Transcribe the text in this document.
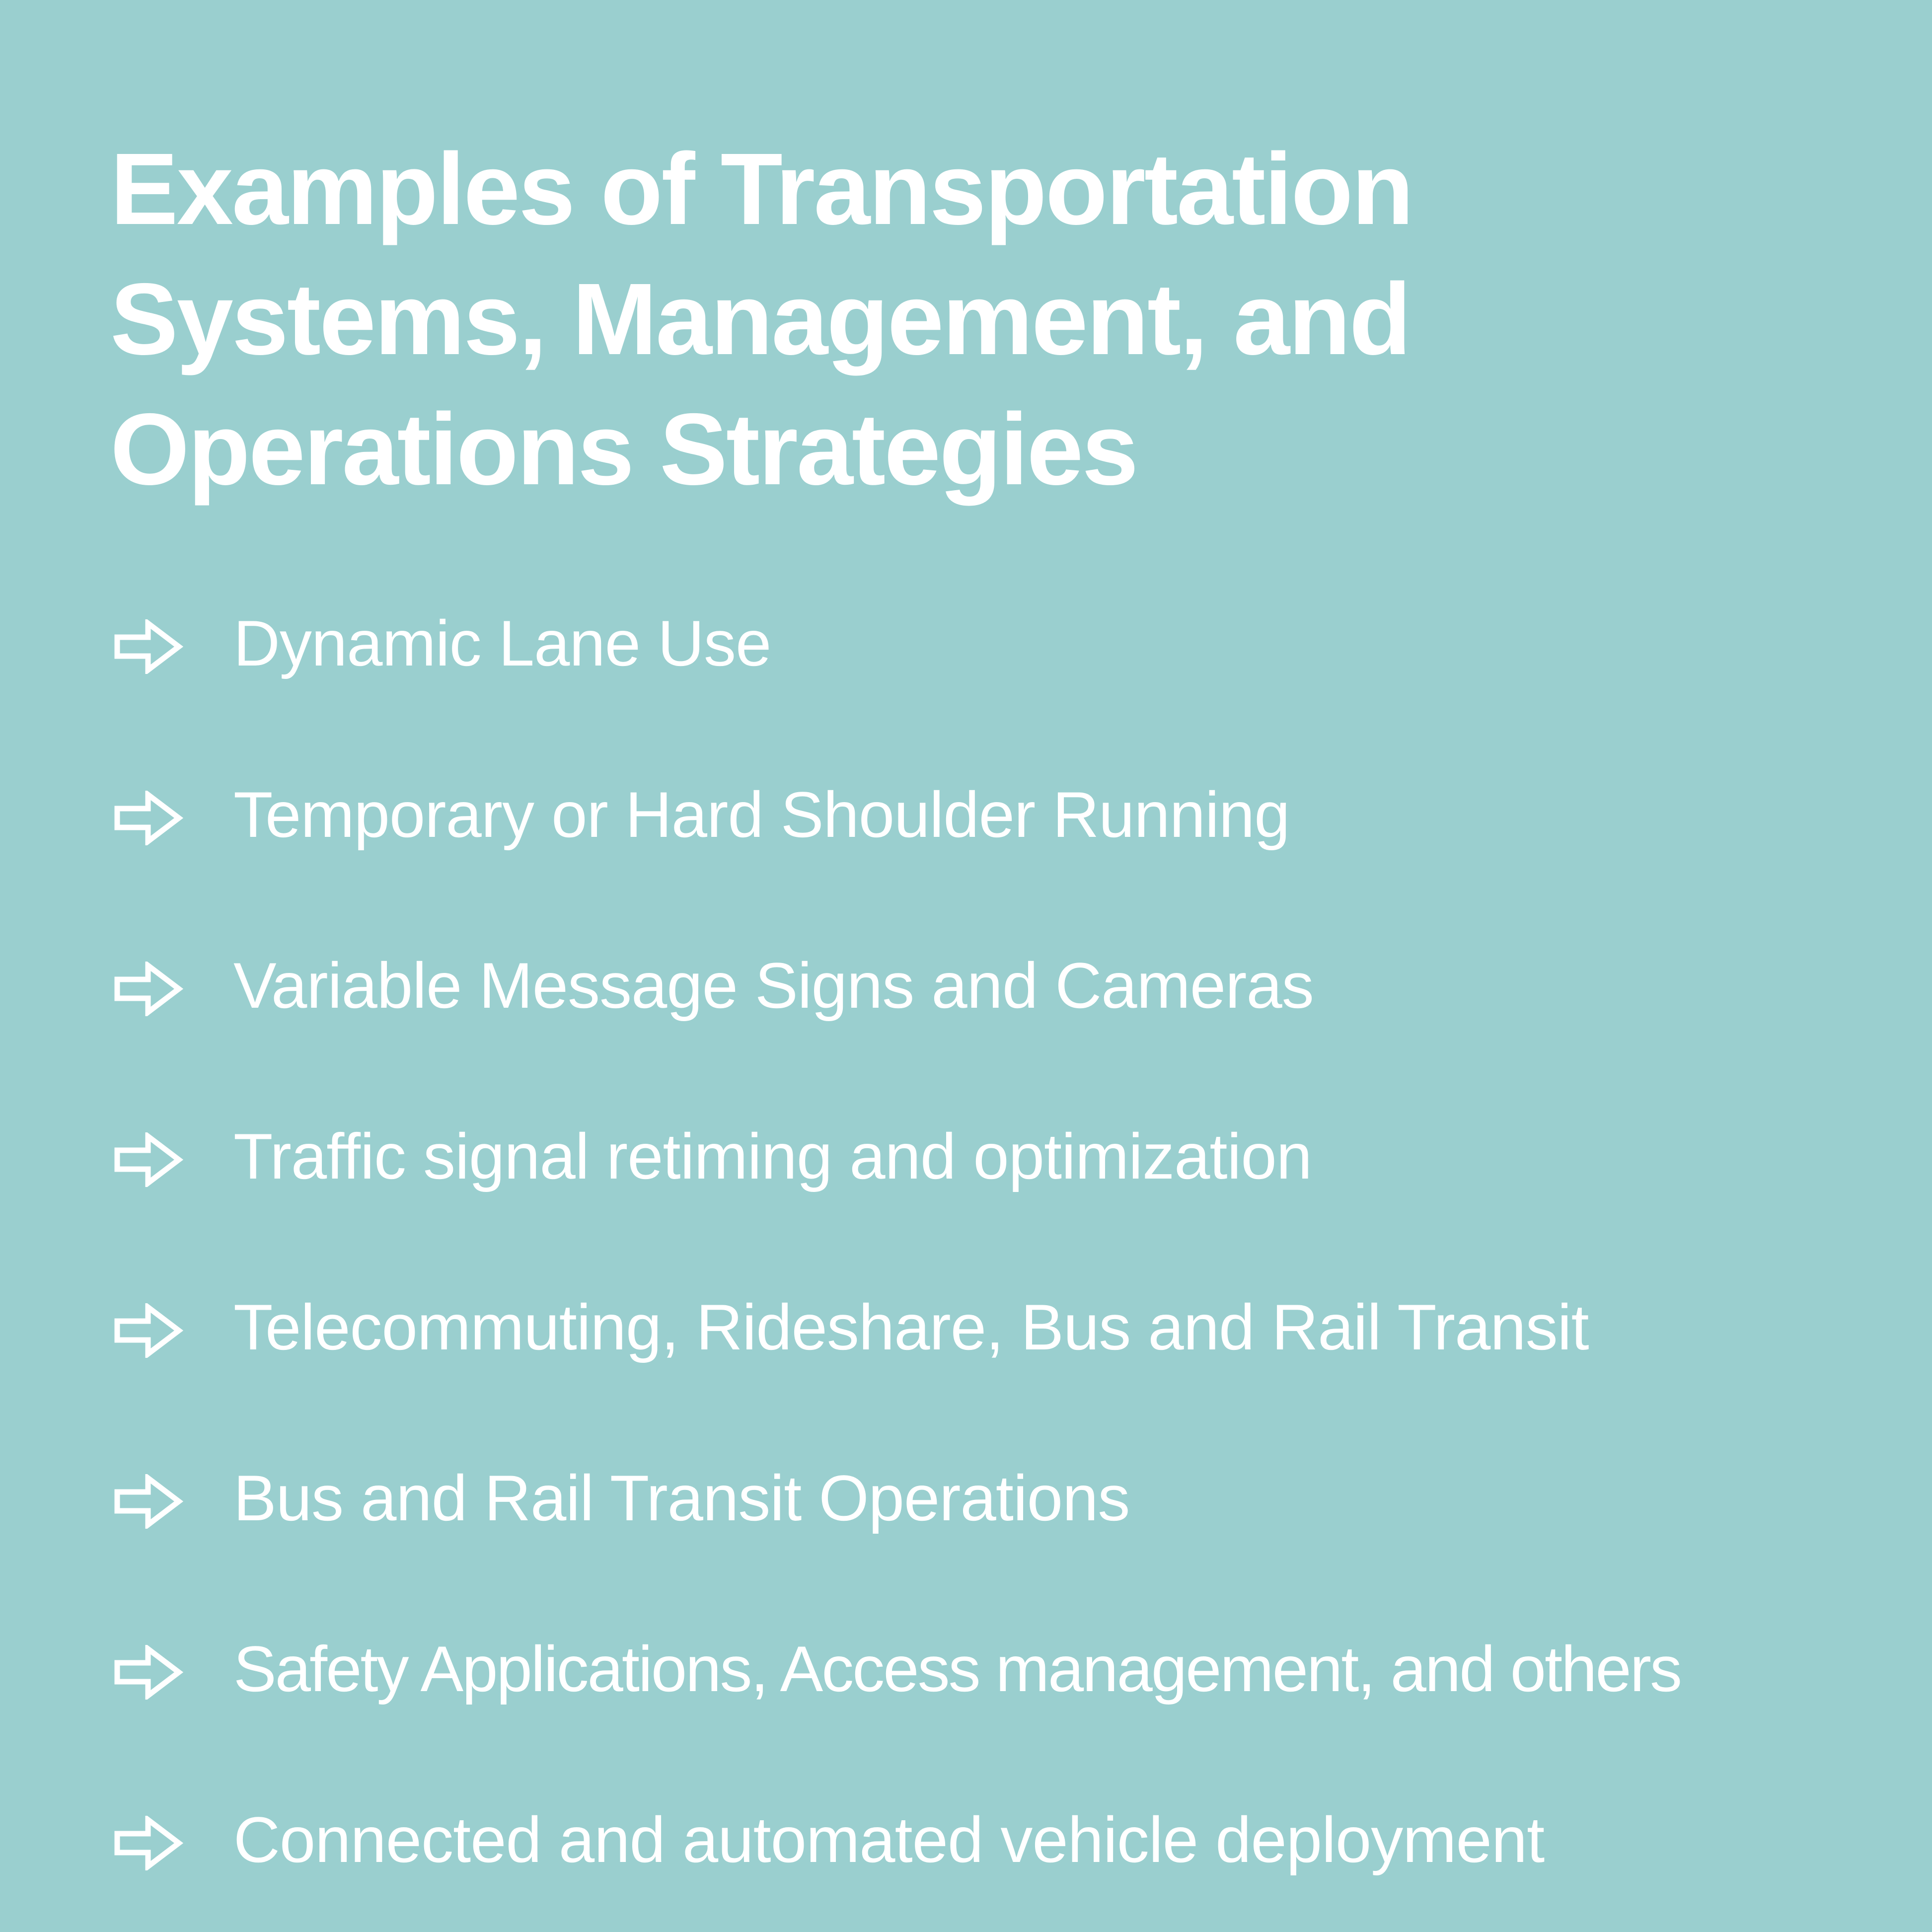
Examples of Transportation
Systems, Management, and
Operations Strategies
Dynamic Lane Use
Temporary or Hard Shoulder Running
Variable Message Signs and Cameras
Traffic signal retiming and optimization
Telecommuting, Rideshare, Bus and Rail Transit
Bus and Rail Transit Operations
Safety Applications, Access management, and others
Connected and automated vehicle deployment
